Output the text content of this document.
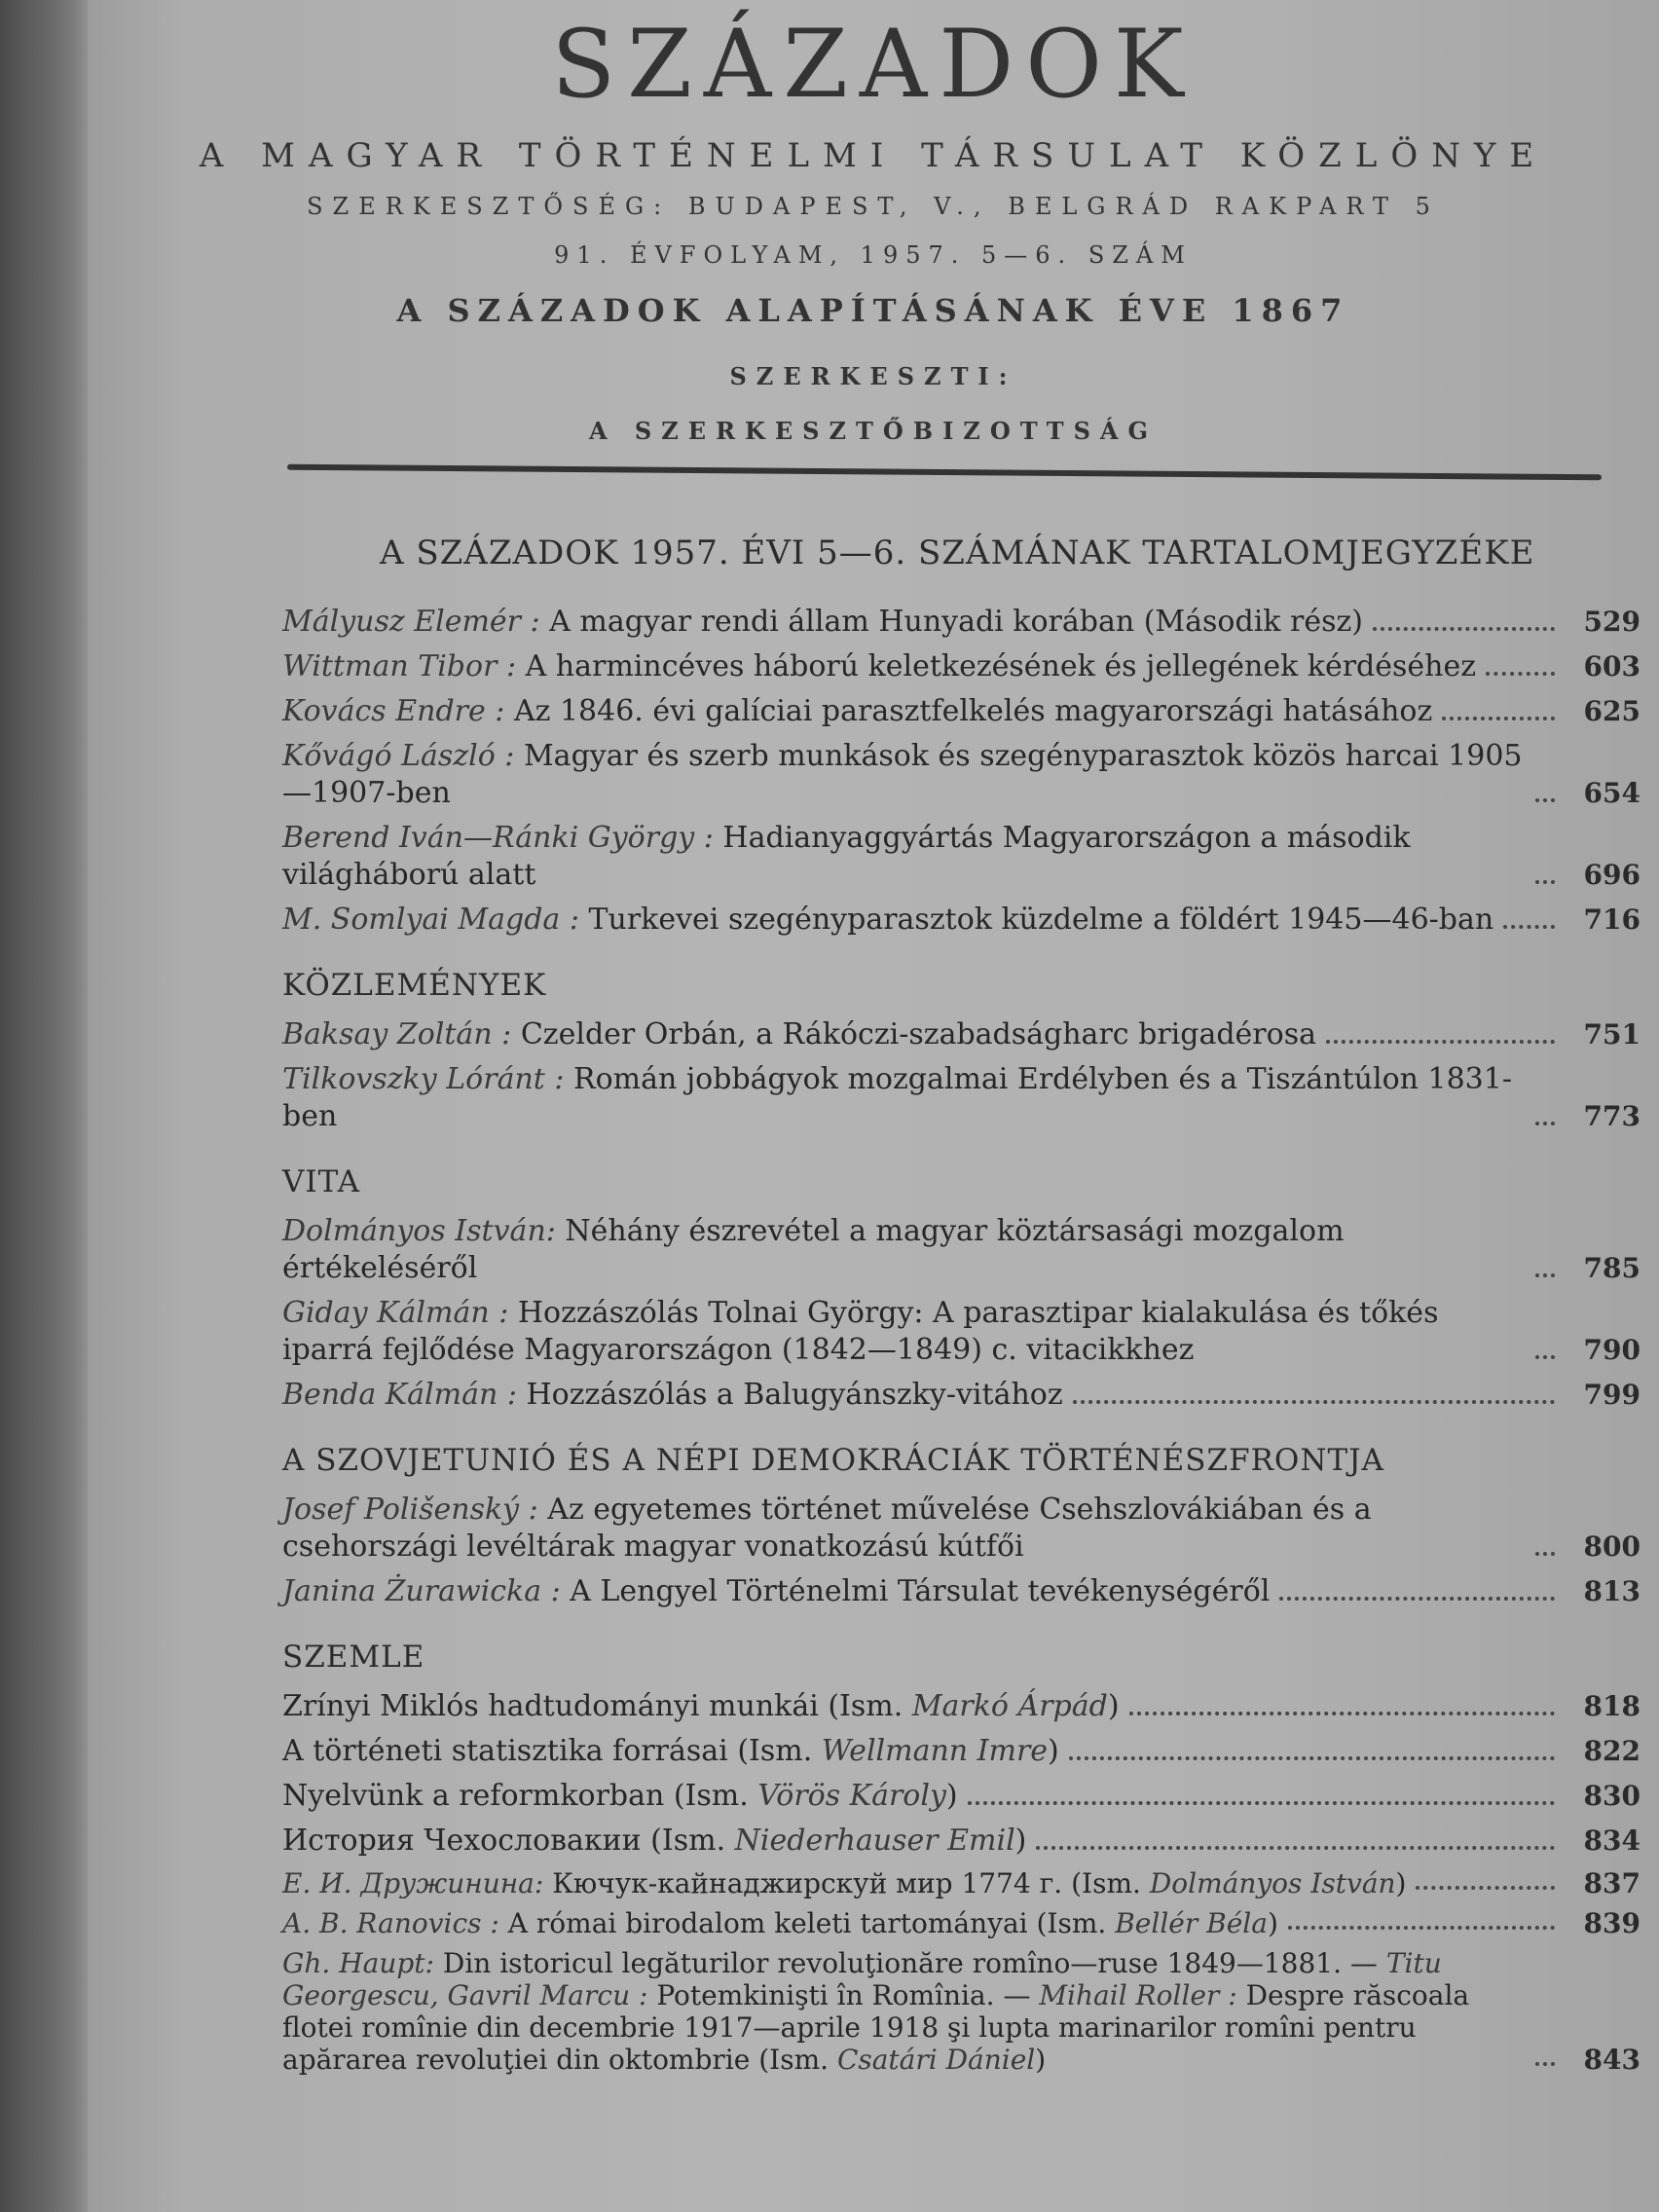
SZÁZADOK
A MAGYAR TÖRTÉNELMI TÁRSULAT KÖZLÖNYE
SZERKESZTŐSÉG: BUDAPEST, V., BELGRÁD RAKPART 5
91. ÉVFOLYAM, 1957. 5—6. SZÁM
A SZÁZADOK ALAPÍTÁSÁNAK ÉVE 1867
SZERKESZTI:
A SZERKESZTŐBIZOTTSÁG
A SZÁZADOK 1957. ÉVI 5—6. SZÁMÁNAK TARTALOMJEGYZÉKE
Mályusz Elemér : A magyar rendi állam Hunyadi korában (Második rész)	529
Wittman Tibor : A harmincéves háború keletkezésének és jellegének kérdéséhez	603
Kovács Endre : Az 1846. évi galíciai parasztfelkelés magyarországi hatásához	625
Kővágó László : Magyar és szerb munkások és szegényparasztok közös harcai 1905—1907-ben	654
Berend Iván—Ránki György : Hadianyaggyártás Magyarországon a második világháború alatt	696
M. Somlyai Magda : Turkevei szegényparasztok küzdelme a földért 1945—46-ban	716
KÖZLEMÉNYEK
Baksay Zoltán : Czelder Orbán, a Rákóczi-szabadságharc brigadérosa	751
Tilkovszky Lóránt : Román jobbágyok mozgalmai Erdélyben és a Tiszántúlon 1831-ben	773
VITA
Dolmányos István: Néhány észrevétel a magyar köztársasági mozgalom értékeléséről	785
Giday Kálmán : Hozzászólás Tolnai György: A parasztipar kialakulása és tőkés iparrá fejlődése Magyarországon (1842—1849) c. vitacikkhez	790
Benda Kálmán : Hozzászólás a Balugyánszky-vitához	799
A SZOVJETUNIÓ ÉS A NÉPI DEMOKRÁCIÁK TÖRTÉNÉSZFRONTJA
Josef Polišenský : Az egyetemes történet művelése Csehszlovákiában és a csehországi levéltárak magyar vonatkozású kútfői	800
Janina Żurawicka : A Lengyel Történelmi Társulat tevékenységéről	813
SZEMLE
Zrínyi Miklós hadtudományi munkái (Ism. Markó Árpád)	818
A történeti statisztika forrásai (Ism. Wellmann Imre)	822
Nyelvünk a reformkorban (Ism. Vörös Károly)	830
История Чехословакии (Ism. Niederhauser Emil)	834
Е. И. Дружинина: Кючук-кайнаджирскуй мир 1774 г. (Ism. Dolmányos István)	837
A. B. Ranovics : A római birodalom keleti tartományai (Ism. Bellér Béla)	839
Gh. Haupt: Din istoricul legăturilor revoluţionăre romîno—ruse 1849—1881. — Titu Georgescu, Gavril Marcu : Potemkinişti în Romînia. — Mihail Roller : Despre răscoala flotei romînie din decembrie 1917—aprile 1918 şi lupta marinarilor romîni pentru apărarea revoluţiei din oktombrie (Ism. Csatári Dániel)	843
